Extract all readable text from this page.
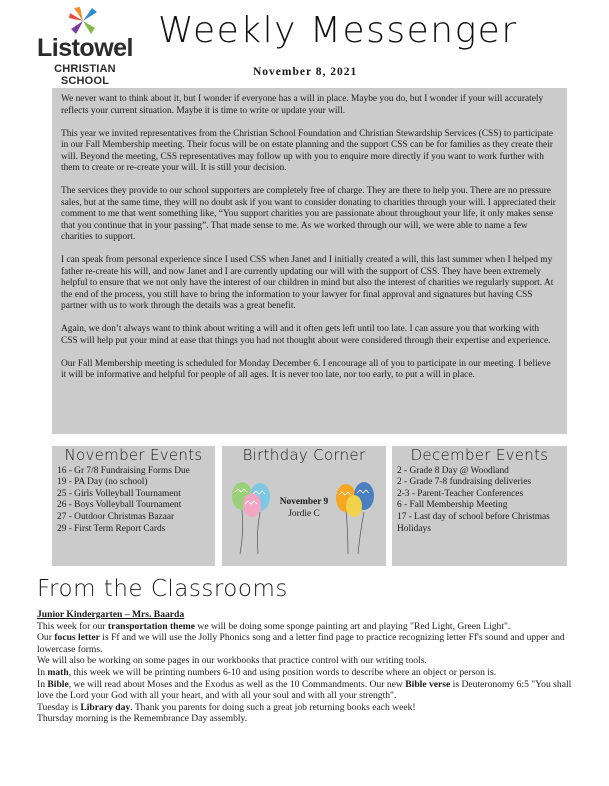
Listowel
CHRISTIAN SCHOOL
Weekly Messenger
November 8, 2021

We never want to think about it, but I wonder if everyone has a will in place. Maybe you do, but I wonder if your will accurately reflects your current situation. Maybe it is time to write or update your will.

This year we invited representatives from the Christian School Foundation and Christian Stewardship Services (CSS) to participate in our Fall Membership meeting. Their focus will be on estate planning and the support CSS can be for families as they create their will. Beyond the meeting, CSS representatives may follow up with you to enquire more directly if you want to work further with them to create or re-create your will. It is still your decision.

The services they provide to our school supporters are completely free of charge. They are there to help you. There are no pressure sales, but at the same time, they will no doubt ask if you want to consider donating to charities through your will. I appreciated their comment to me that went something like, “You support charities you are passionate about throughout your life, it only makes sense that you continue that in your passing”. That made sense to me. As we worked through our will, we were able to name a few charities to support.

I can speak from personal experience since I used CSS when Janet and I initially created a will, this last summer when I helped my father re-create his will, and now Janet and I are currently updating our will with the support of CSS. They have been extremely helpful to ensure that we not only have the interest of our children in mind but also the interest of charities we regularly support. At the end of the process, you still have to bring the information to your lawyer for final approval and signatures but having CSS partner with us to work through the details was a great benefit.

Again, we don’t always want to think about writing a will and it often gets left until too late. I can assure you that working with CSS will help put your mind at ease that things you had not thought about were considered through their expertise and experience.

Our Fall Membership meeting is scheduled for Monday December 6. I encourage all of you to participate in our meeting. I believe it will be informative and helpful for people of all ages. It is never too late, nor too early, to put a will in place.

November Events

16 - Gr 7/8 Fundraising Forms Due

19 - PA Day (no school)

25 - Girls Volleyball Tournament

26 - Boys Volleyball Tournament

27 - Outdoor Christmas Bazaar

29 - First Term Report Cards

Birthday Corner
November 9
Jordie C
December Events

2 - Grade 8 Day @ Woodland

2 - Grade 7-8 fundraising deliveries

2-3 - Parent-Teacher Conferences

6 - Fall Membership Meeting

17 - Last day of school before Christmas Holidays

From the Classrooms

Junior Kindergarten – Mrs. Baarda

This week for our transportation theme we will be doing some sponge painting art and playing "Red Light, Green Light".

Our focus letter is Ff and we will use the Jolly Phonics song and a letter find page to practice recognizing letter Ff's sound and upper and lowercase forms.

We will also be working on some pages in our workbooks that practice control with our writing tools.

In math, this week we will be printing numbers 6-10 and using position words to describe where an object or person is.

In Bible, we will read about Moses and the Exodus as well as the 10 Commandments. Our new Bible verse is Deuteronomy 6:5 "You shall love the Lord your God with all your heart, and with all your soul and with all your strength".

Tuesday is Library day. Thank you parents for doing such a great job returning books each week!

Thursday morning is the Remembrance Day assembly.
